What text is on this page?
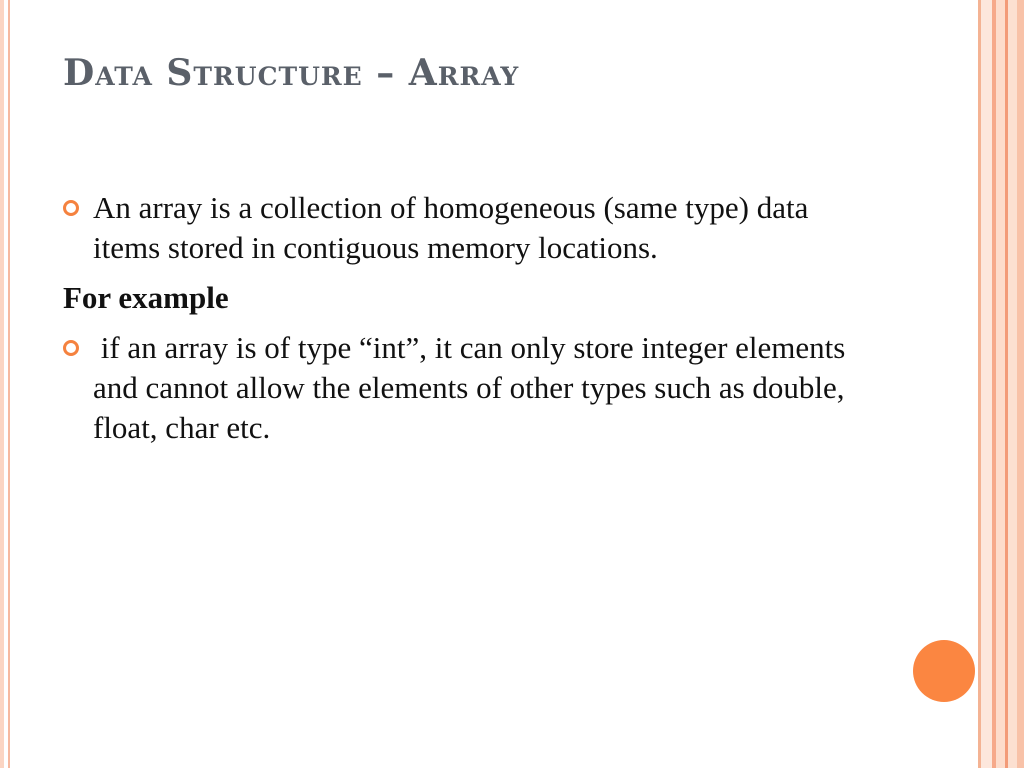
Data Structure – Array

An array is a collection of homogeneous (same type) data items stored in contiguous memory locations.

For example

if an array is of type “int”, it can only store integer elements and cannot allow the elements of other types such as double, float, char etc.
